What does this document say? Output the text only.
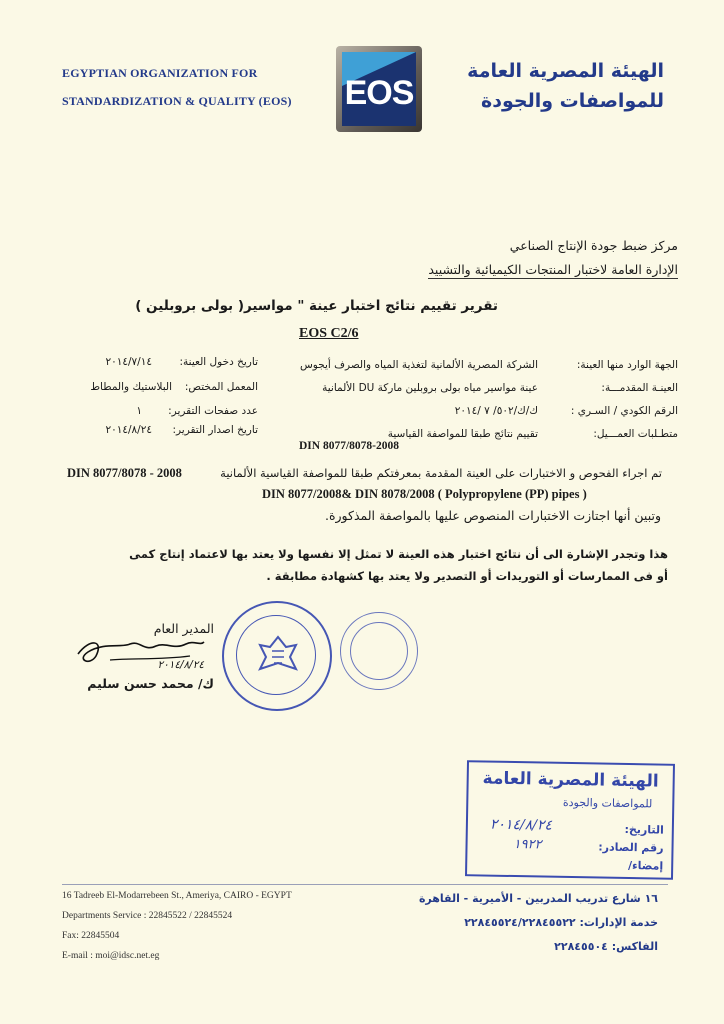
EGYPTIAN ORGANIZATION FOR
STANDARDIZATION & QUALITY (EOS) EOS
الهيئة المصرية العامة
للمواصفات والجودة
مركز ضبط جودة الإنتاج الصناعي
الإدارة العامة لاختبار المنتجات الكيميائية والتشييد
تقرير تقييم نتائج اختبار عينة " مواسير( بولى بروبلين )
EOS C2/6
الجهة الوارد منها العينة:
الشركة المصرية الألمانية لتغذية المياه والصرف أيجوس
العينـة المقدمـــة:
عينة مواسير مياه بولى بروبلين ماركة DU الألمانية
الرقم الكودي / السـري :
ك/ك/٥٠٢/ ٧ /٢٠١٤
متطـلبات العمـــيل:
تقييم نتائج طبقا للمواصفة القياسية
DIN 8077/8078-2008
تاريخ دخول العينة:
٢٠١٤/٧/١٤
المعمل المختص:
البلاستيك والمطاط
عدد صفحات التقرير:
١
تاريخ اصدار التقرير:
٢٠١٤/٨/٢٤
تم اجراء الفحوص و الاختبارات على العينة المقدمة بمعرفتكم طبقا للمواصفة القياسية الألمانية
DIN 8077/8078 - 2008
DIN 8077/2008& DIN 8078/2008 ( Polypropylene (PP) pipes )
وتبين أنها اجتازت الاختبارات المنصوص عليها بالمواصفة المذكورة.
هذا وتجدر الإشارة الى أن نتائج اختبار هذه العينة لا تمثل إلا نفسها ولا يعتد بها لاعتماد إنتاج كمى
أو فى الممارسات أو التوريدات أو التصدير ولا يعتد بها كشهادة مطابقة .
المدير العام
٢٠١٤/٨/٢٤
ك/ محمد حسن سليم
الهيئة المصرية العامة
للمواصفات والجودة
التاريخ:
٢٠١٤/٨/٢٤
رقم الصادر:
١٩٢٢
إمضاء/
16 Tadreeb El-Modarrebeen St., Ameriya, CAIRO - EGYPT
Departments Service : 22845522 / 22845524
Fax: 22845504
E-mail : moi@idsc.net.eg
١٦ شارع تدريب المدربين - الأميرية - القاهرة
خدمة الإدارات: ٢٢٨٤٥٥٢٤/٢٢٨٤٥٥٢٢
الفاكس: ٢٢٨٤٥٥٠٤
